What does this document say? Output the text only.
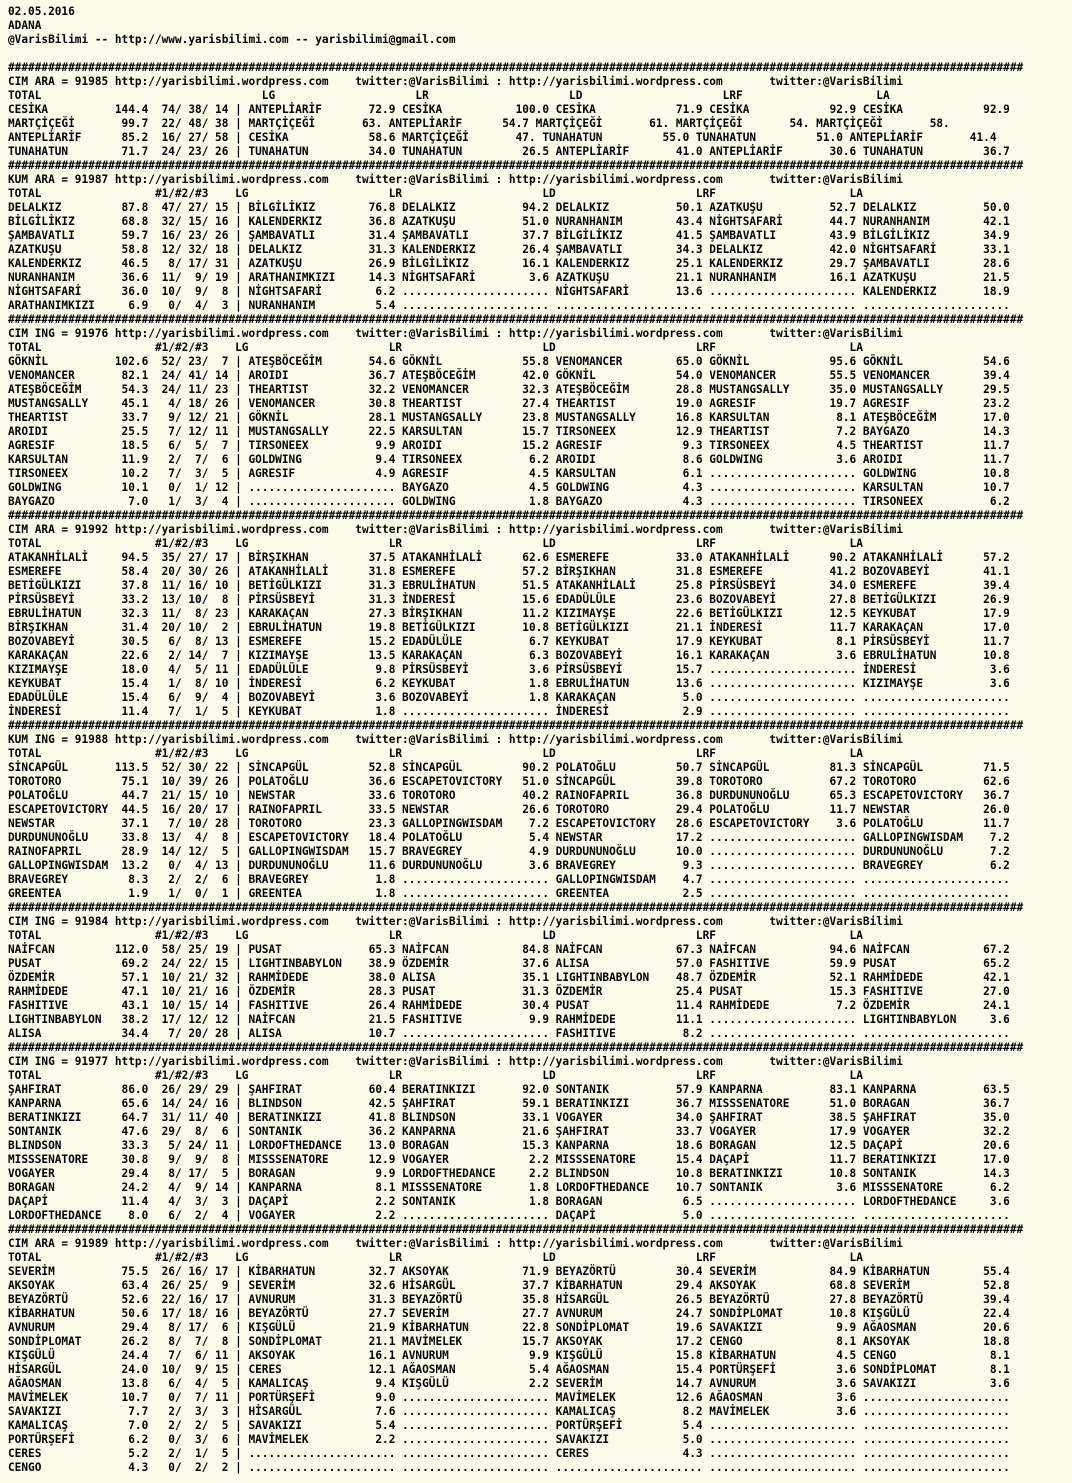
02.05.2016
ADANA
@VarisBilimi -- http://www.yarisbilimi.com -- yarisbilimi@gmail.com
########################################################################################################################################################
CIM ARA = 91985 http://yarisbilimi.wordpress.com    twitter:@VarisBilimi : http://yarisbilimi.wordpress.com       twitter:@VarisBilimi
TOTAL                                 LG                     LR                     LD                     LRF                    LA
CESİKA          144.4  74/ 38/ 14 | ANTEPLİARİF       72.9 CESİKA           100.0 CESİKA            71.9 CESİKA            92.9 CESİKA            92.9
MARTÇİÇEĞİ       99.7  22/ 48/ 38 | MARTÇİÇEĞİ       63. ANTEPLİARİF      54.7 MARTÇİÇEĞİ       61. MARTÇİÇEĞİ       54. MARTÇİÇEĞİ       58.
ANTEPLİARİF      85.2  16/ 27/ 58 | CESİKA            58.6 MARTÇİÇEĞİ       47. TUNAHATUN         55.0 TUNAHATUN         51.0 ANTEPLİARİF       41.4
TUNAHATUN        71.7  24/ 23/ 26 | TUNAHATUN         34.0 TUNAHATUN         26.5 ANTEPLİARİF       41.0 ANTEPLİARİF       30.6 TUNAHATUN         36.7
########################################################################################################################################################
KUM ARA = 91987 http://yarisbilimi.wordpress.com    twitter:@VarisBilimi : http://yarisbilimi.wordpress.com       twitter:@VarisBilimi
TOTAL                 #1/#2/#3    LG                     LR                     LD                     LRF                    LA
DELALKIZ         87.8  47/ 27/ 15 | BİLGİLİKIZ        76.8 DELALKIZ          94.2 DELALKIZ          50.1 AZATKUŞU          52.7 DELALKIZ          50.0
BİLGİLİKIZ       68.8  32/ 15/ 16 | KALENDERKIZ       36.8 AZATKUŞU          51.0 NURANHANIM        43.4 NİGHTSAFARİ       44.7 NURANHANIM        42.1
ŞAMBAVATLI       59.7  16/ 23/ 26 | ŞAMBAVATLI        31.4 ŞAMBAVATLI        37.7 BİLGİLİKIZ        41.5 ŞAMBAVATLI        43.9 BİLGİLİKIZ        34.9
AZATKUŞU         58.8  12/ 32/ 18 | DELALKIZ          31.3 KALENDERKIZ       26.4 ŞAMBAVATLI        34.3 DELALKIZ          42.0 NİGHTSAFARİ       33.1
KALENDERKIZ      46.5   8/ 17/ 31 | AZATKUŞU          26.9 BİLGİLİKIZ        16.1 KALENDERKIZ       25.1 KALENDERKIZ       29.7 ŞAMBAVATLI        28.6
NURANHANIM       36.6  11/  9/ 19 | ARATHANIMKIZI     14.3 NİGHTSAFARİ        3.6 AZATKUŞU          21.1 NURANHANIM        16.1 AZATKUŞU          21.5
NİGHTSAFARİ      36.0  10/  9/  8 | NİGHTSAFARİ        6.2 ...................... NİGHTSAFARİ       13.6 ...................... KALENDERKIZ       18.9
ARATHANIMKIZI     6.9   0/  4/  3 | NURANHANIM         5.4 ...................... ...................... ...................... ......................
########################################################################################################################################################
CIM ING = 91976 http://yarisbilimi.wordpress.com    twitter:@VarisBilimi : http://yarisbilimi.wordpress.com       twitter:@VarisBilimi
TOTAL                 #1/#2/#3    LG                     LR                     LD                     LRF                    LA
GÖKNİL          102.6  52/ 23/  7 | ATEŞBÖCEĞİM       54.6 GÖKNİL            55.8 VENOMANCER        65.0 GÖKNİL            95.6 GÖKNİL            54.6
VENOMANCER       82.1  24/ 41/ 14 | AROIDI            36.7 ATEŞBÖCEĞİM       42.0 GÖKNİL            54.0 VENOMANCER        55.5 VENOMANCER        39.4
ATEŞBÖCEĞİM      54.3  24/ 11/ 23 | THEARTIST         32.2 VENOMANCER        32.3 ATEŞBÖCEĞİM       28.8 MUSTANGSALLY      35.0 MUSTANGSALLY      29.5
MUSTANGSALLY     45.1   4/ 18/ 26 | VENOMANCER        30.8 THEARTIST         27.4 THEARTIST         19.0 AGRESIF           19.7 AGRESIF           23.2
THEARTIST        33.7   9/ 12/ 21 | GÖKNİL            28.1 MUSTANGSALLY      23.8 MUSTANGSALLY      16.8 KARSULTAN          8.1 ATEŞBÖCEĞİM       17.0
AROIDI           25.5   7/ 12/ 11 | MUSTANGSALLY      22.5 KARSULTAN         15.7 TIRSONEEX         12.9 THEARTIST          7.2 BAYGAZO           14.3
AGRESIF          18.5   6/  5/  7 | TIRSONEEX          9.9 AROIDI            15.2 AGRESIF            9.3 TIRSONEEX          4.5 THEARTIST         11.7
KARSULTAN        11.9   2/  7/  6 | GOLDWING           9.4 TIRSONEEX          6.2 AROIDI             8.6 GOLDWING           3.6 AROIDI            11.7
TIRSONEEX        10.2   7/  3/  5 | AGRESIF            4.9 AGRESIF            4.5 KARSULTAN          6.1 ...................... GOLDWING          10.8
GOLDWING         10.1   0/  1/ 12 | ...................... BAYGAZO            4.5 GOLDWING           4.3 ...................... KARSULTAN         10.7
BAYGAZO           7.0   1/  3/  4 | ...................... GOLDWING           1.8 BAYGAZO            4.3 ...................... TIRSONEEX          6.2
########################################################################################################################################################
CIM ARA = 91992 http://yarisbilimi.wordpress.com    twitter:@VarisBilimi : http://yarisbilimi.wordpress.com       twitter:@VarisBilimi
TOTAL                 #1/#2/#3    LG                     LR                     LD                     LRF                    LA
ATAKANHİLALİ     94.5  35/ 27/ 17 | BİRŞIKHAN         37.5 ATAKANHİLALİ      62.6 ESMEREFE          33.0 ATAKANHİLALİ      90.2 ATAKANHİLALİ      57.2
ESMEREFE         58.4  20/ 30/ 26 | ATAKANHİLALİ      31.8 ESMEREFE          57.2 BİRŞIKHAN         31.8 ESMEREFE          41.2 BOZOVABEYİ        41.1
BETİGÜLKIZI      37.8  11/ 16/ 10 | BETİGÜLKIZI       31.3 EBRULİHATUN       51.5 ATAKANHİLALİ      25.8 PİRSÜSBEYİ        34.0 ESMEREFE          39.4
PİRSÜSBEYİ       33.2  13/ 10/  8 | PİRSÜSBEYİ        31.3 İNDERESİ          15.6 EDADÜLÜLE         23.6 BOZOVABEYİ        27.8 BETİGÜLKIZI       26.9
EBRULİHATUN      32.3  11/  8/ 23 | KARAKAÇAN         27.3 BİRŞIKHAN         11.2 KIZIMAYŞE         22.6 BETİGÜLKIZI       12.5 KEYKUBAT          17.9
BİRŞIKHAN        31.4  20/ 10/  2 | EBRULİHATUN       19.8 BETİGÜLKIZI       10.8 BETİGÜLKIZI       21.1 İNDERESİ          11.7 KARAKAÇAN         17.0
BOZOVABEYİ       30.5   6/  8/ 13 | ESMEREFE          15.2 EDADÜLÜLE          6.7 KEYKUBAT          17.9 KEYKUBAT           8.1 PİRSÜSBEYİ        11.7
KARAKAÇAN        22.6   2/ 14/  7 | KIZIMAYŞE         13.5 KARAKAÇAN          6.3 BOZOVABEYİ        16.1 KARAKAÇAN          3.6 EBRULİHATUN       10.8
KIZIMAYŞE        18.0   4/  5/ 11 | EDADÜLÜLE          9.8 PİRSÜSBEYİ         3.6 PİRSÜSBEYİ        15.7 ...................... İNDERESİ           3.6
KEYKUBAT         15.4   1/  8/ 10 | İNDERESİ           6.2 KEYKUBAT           1.8 EBRULİHATUN       13.6 ...................... KIZIMAYŞE          3.6
EDADÜLÜLE        15.4   6/  9/  4 | BOZOVABEYİ         3.6 BOZOVABEYİ         1.8 KARAKAÇAN          5.0 ...................... ......................
İNDERESİ         11.4   7/  1/  5 | KEYKUBAT           1.8 ...................... İNDERESİ           2.9 ...................... ......................
########################################################################################################################################################
KUM ING = 91988 http://yarisbilimi.wordpress.com    twitter:@VarisBilimi : http://yarisbilimi.wordpress.com       twitter:@VarisBilimi
TOTAL                 #1/#2/#3    LG                     LR                     LD                     LRF                    LA
SİNCAPGÜL       113.5  52/ 30/ 22 | SİNCAPGÜL         52.8 SİNCAPGÜL         90.2 POLATOĞLU         50.7 SİNCAPGÜL         81.3 SİNCAPGÜL         71.5
TOROTORO         75.1  10/ 39/ 26 | POLATOĞLU         36.6 ESCAPETOVICTORY   51.0 SİNCAPGÜL         39.8 TOROTORO          67.2 TOROTORO          62.6
POLATOĞLU        44.7  21/ 15/ 10 | NEWSTAR           33.6 TOROTORO          40.2 RAINOFAPRIL       36.8 DURDUNUNOĞLU      65.3 ESCAPETOVICTORY   36.7
ESCAPETOVICTORY  44.5  16/ 20/ 17 | RAINOFAPRIL       33.5 NEWSTAR           26.6 TOROTORO          29.4 POLATOĞLU         11.7 NEWSTAR           26.0
NEWSTAR          37.1   7/ 10/ 28 | TOROTORO          23.3 GALLOPINGWISDAM    7.2 ESCAPETOVICTORY   28.6 ESCAPETOVICTORY    3.6 POLATOĞLU         11.7
DURDUNUNOĞLU     33.8  13/  4/  8 | ESCAPETOVICTORY   18.4 POLATOĞLU          5.4 NEWSTAR           17.2 ...................... GALLOPINGWISDAM    7.2
RAINOFAPRIL      28.9  14/ 12/  5 | GALLOPINGWISDAM   15.7 BRAVEGREY          4.9 DURDUNUNOĞLU      10.0 ...................... DURDUNUNOĞLU       7.2
GALLOPINGWISDAM  13.2   0/  4/ 13 | DURDUNUNOĞLU      11.6 DURDUNUNOĞLU       3.6 BRAVEGREY          9.3 ...................... BRAVEGREY          6.2
BRAVEGREY         8.3   2/  2/  6 | BRAVEGREY          1.8 ...................... GALLOPINGWISDAM    4.7 ...................... ......................
GREENTEA          1.9   1/  0/  1 | GREENTEA           1.8 ...................... GREENTEA           2.5 ...................... ......................
########################################################################################################################################################
CIM ING = 91984 http://yarisbilimi.wordpress.com    twitter:@VarisBilimi : http://yarisbilimi.wordpress.com       twitter:@VarisBilimi
TOTAL                 #1/#2/#3    LG                     LR                     LD                     LRF                    LA
NAİFCAN         112.0  58/ 25/ 19 | PUSAT             65.3 NAİFCAN           84.8 NAİFCAN           67.3 NAİFCAN           94.6 NAİFCAN           67.2
PUSAT            69.2  24/ 22/ 15 | LIGHTINBABYLON    38.9 ÖZDEMİR           37.6 ALISA             57.0 FASHITIVE         59.9 PUSAT             65.2
ÖZDEMİR          57.1  10/ 21/ 32 | RAHMİDEDE         38.0 ALISA             35.1 LIGHTINBABYLON    48.7 ÖZDEMİR           52.1 RAHMİDEDE         42.1
RAHMİDEDE        47.1  10/ 21/ 16 | ÖZDEMİR           28.3 PUSAT             31.3 ÖZDEMİR           25.4 PUSAT             15.3 FASHITIVE         27.0
FASHITIVE        43.1  10/ 15/ 14 | FASHITIVE         26.4 RAHMİDEDE         30.4 PUSAT             11.4 RAHMİDEDE          7.2 ÖZDEMİR           24.1
LIGHTINBABYLON   38.2  17/ 12/ 12 | NAİFCAN           21.5 FASHITIVE          9.9 RAHMİDEDE         11.1 ...................... LIGHTINBABYLON     3.6
ALISA            34.4   7/ 20/ 28 | ALISA             10.7 ...................... FASHITIVE          8.2 ...................... ......................
########################################################################################################################################################
CIM ING = 91977 http://yarisbilimi.wordpress.com    twitter:@VarisBilimi : http://yarisbilimi.wordpress.com       twitter:@VarisBilimi
TOTAL                 #1/#2/#3    LG                     LR                     LD                     LRF                    LA
ŞAHFIRAT         86.0  26/ 29/ 29 | ŞAHFIRAT          60.4 BERATINKIZI       92.0 SONTANIK          57.9 KANPARNA          83.1 KANPARNA          63.5
KANPARNA         65.6  14/ 24/ 16 | BLINDSON          42.5 ŞAHFIRAT          59.1 BERATINKIZI       36.7 MISSSENATORE      51.0 BORAGAN           36.7
BERATINKIZI      64.7  31/ 11/ 40 | BERATINKIZI       41.8 BLINDSON          33.1 VOGAYER           34.0 ŞAHFIRAT          38.5 ŞAHFIRAT          35.0
SONTANIK         47.6  29/  8/  6 | SONTANIK          36.2 KANPARNA          21.6 ŞAHFIRAT          33.7 VOGAYER           17.9 VOGAYER           32.2
BLINDSON         33.3   5/ 24/ 11 | LORDOFTHEDANCE    13.0 BORAGAN           15.3 KANPARNA          18.6 BORAGAN           12.5 DAÇAPİ            20.6
MISSSENATORE     30.8   9/  9/  8 | MISSSENATORE      12.9 VOGAYER            2.2 MISSSENATORE      15.4 DAÇAPİ            11.7 BERATINKIZI       17.0
VOGAYER          29.4   8/ 17/  5 | BORAGAN            9.9 LORDOFTHEDANCE     2.2 BLINDSON          10.8 BERATINKIZI       10.8 SONTANIK          14.3
BORAGAN          24.2   4/  9/ 14 | KANPARNA           8.1 MISSSENATORE       1.8 LORDOFTHEDANCE    10.7 SONTANIK           3.6 MISSSENATORE       6.2
DAÇAPİ           11.4   4/  3/  3 | DAÇAPİ             2.2 SONTANIK           1.8 BORAGAN            6.5 ...................... LORDOFTHEDANCE     3.6
LORDOFTHEDANCE    8.0   6/  2/  4 | VOGAYER            2.2 ...................... DAÇAPİ             5.0 ...................... ......................
########################################################################################################################################################
CIM ARA = 91989 http://yarisbilimi.wordpress.com    twitter:@VarisBilimi : http://yarisbilimi.wordpress.com       twitter:@VarisBilimi
TOTAL                 #1/#2/#3    LG                     LR                     LD                     LRF                    LA
SEVERİM          75.5  26/ 16/ 17 | KİBARHATUN        32.7 AKSOYAK           71.9 BEYAZÖRTÜ         30.4 SEVERİM           84.9 KİBARHATUN        55.4
AKSOYAK          63.4  26/ 25/  9 | SEVERİM           32.6 HİSARGÜL          37.7 KİBARHATUN        29.4 AKSOYAK           68.8 SEVERİM           52.8
BEYAZÖRTÜ        52.6  22/ 16/ 17 | AVNURUM           31.3 BEYAZÖRTÜ         35.8 HİSARGÜL          26.5 BEYAZÖRTÜ         27.8 BEYAZÖRTÜ         39.4
KİBARHATUN       50.6  17/ 18/ 16 | BEYAZÖRTÜ         27.7 SEVERİM           27.7 AVNURUM           24.7 SONDİPLOMAT       10.8 KIŞGÜLÜ           22.4
AVNURUM          29.4   8/ 17/  6 | KIŞGÜLÜ           21.9 KİBARHATUN        22.8 SONDİPLOMAT       19.6 SAVAKIZI           9.9 AĞAOSMAN          20.6
SONDİPLOMAT      26.2   8/  7/  8 | SONDİPLOMAT       21.1 MAVİMELEK         15.7 AKSOYAK           17.2 CENGO              8.1 AKSOYAK           18.8
KIŞGÜLÜ          24.4   7/  6/ 11 | AKSOYAK           16.1 AVNURUM            9.9 KIŞGÜLÜ           15.8 KİBARHATUN         4.5 CENGO              8.1
HİSARGÜL         24.0  10/  9/ 15 | CERES             12.1 AĞAOSMAN           5.4 AĞAOSMAN          15.4 PORTÜRŞEFİ         3.6 SONDİPLOMAT        8.1
AĞAOSMAN         13.8   6/  4/  5 | KAMALICAŞ          9.4 KIŞGÜLÜ            2.2 SEVERİM           14.7 AVNURUM            3.6 SAVAKIZI           3.6
MAVİMELEK        10.7   0/  7/ 11 | PORTÜRŞEFİ         9.0 ...................... MAVİMELEK         12.6 AĞAOSMAN           3.6 ......................
SAVAKIZI          7.7   2/  3/  3 | HİSARGÜL           7.6 ...................... KAMALICAŞ          8.2 MAVİMELEK          3.6 ......................
KAMALICAŞ         7.0   2/  2/  5 | SAVAKIZI           5.4 ...................... PORTÜRŞEFİ         5.4 ...................... ......................
PORTÜRŞEFİ        6.2   0/  3/  6 | MAVİMELEK          2.2 ...................... SAVAKIZI           5.0 ...................... ......................
CERES             5.2   2/  1/  5 | ...................... ...................... CERES              4.3 ...................... ......................
CENGO             4.3   0/  2/  2 | ...................... ...................... ...................... ...................... ......................
